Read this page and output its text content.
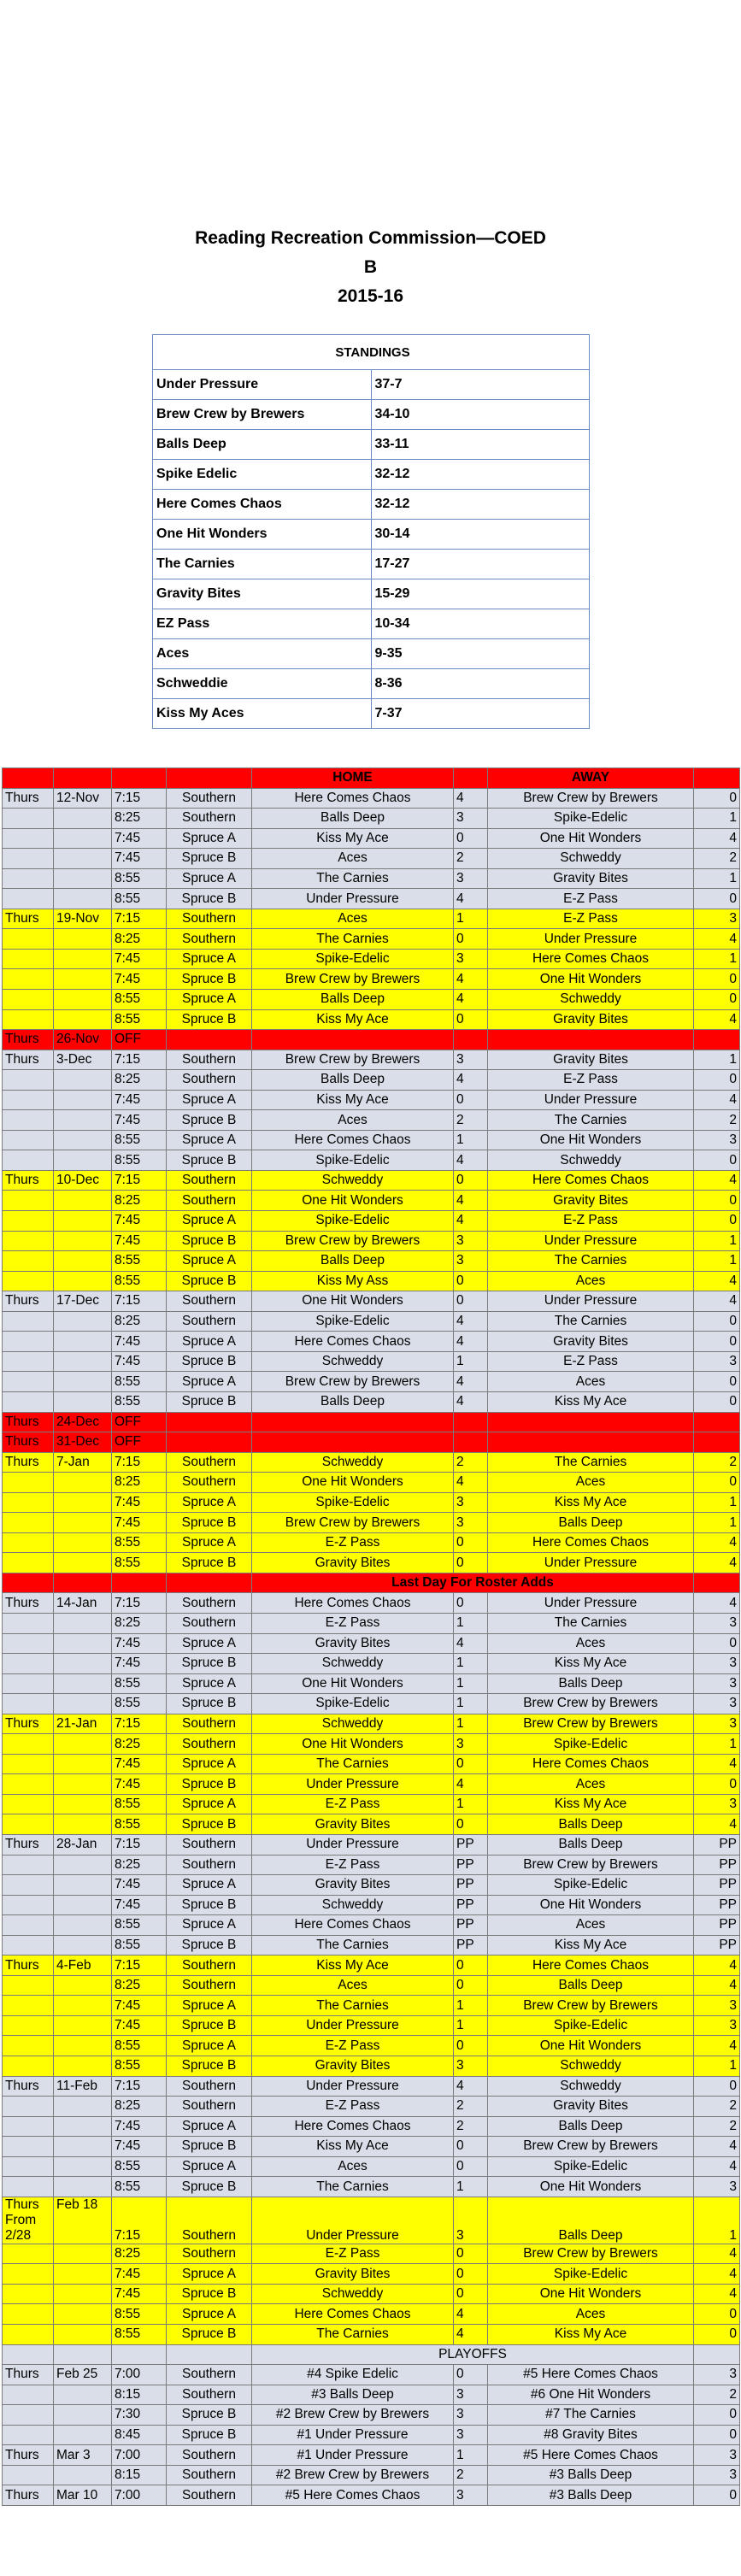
Reading Recreation Commission—COED
B
2015-16
STANDINGS	
Under Pressure	37-7
Brew Crew by Brewers	34-10
Balls Deep	33-11
Spike Edelic	32-12
Here Comes Chaos	32-12
One Hit Wonders	30-14
The Carnies	17-27
Gravity Bites	15-29
EZ Pass	10-34
Aces	9-35
Schweddie	8-36
Kiss My Aces	7-37
				HOME		AWAY	
Thurs	12-Nov	7:15	Southern	Here Comes Chaos	4	Brew Crew by Brewers	0
		8:25	Southern	Balls Deep	3	Spike-Edelic	1
		7:45	Spruce A	Kiss My Ace	0	One Hit Wonders	4
		7:45	Spruce B	Aces	2	Schweddy	2
		8:55	Spruce A	The Carnies	3	Gravity Bites	1
		8:55	Spruce B	Under Pressure	4	E-Z Pass	0
Thurs	19-Nov	7:15	Southern	Aces	1	E-Z Pass	3
		8:25	Southern	The Carnies	0	Under Pressure	4
		7:45	Spruce A	Spike-Edelic	3	Here Comes Chaos	1
		7:45	Spruce B	Brew Crew by Brewers	4	One Hit Wonders	0
		8:55	Spruce A	Balls Deep	4	Schweddy	0
		8:55	Spruce B	Kiss My Ace	0	Gravity Bites	4
Thurs	26-Nov	OFF					
Thurs	3-Dec	7:15	Southern	Brew Crew by Brewers	3	Gravity Bites	1
		8:25	Southern	Balls Deep	4	E-Z Pass	0
		7:45	Spruce A	Kiss My Ace	0	Under Pressure	4
		7:45	Spruce B	Aces	2	The Carnies	2
		8:55	Spruce A	Here Comes Chaos	1	One Hit Wonders	3
		8:55	Spruce B	Spike-Edelic	4	Schweddy	0
Thurs	10-Dec	7:15	Southern	Schweddy	0	Here Comes Chaos	4
		8:25	Southern	One Hit Wonders	4	Gravity Bites	0
		7:45	Spruce A	Spike-Edelic	4	E-Z Pass	0
		7:45	Spruce B	Brew Crew by Brewers	3	Under Pressure	1
		8:55	Spruce A	Balls Deep	3	The Carnies	1
		8:55	Spruce B	Kiss My Ass	0	Aces	4
Thurs	17-Dec	7:15	Southern	One Hit Wonders	0	Under Pressure	4
		8:25	Southern	Spike-Edelic	4	The Carnies	0
		7:45	Spruce A	Here Comes Chaos	4	Gravity Bites	0
		7:45	Spruce B	Schweddy	1	E-Z Pass	3
		8:55	Spruce A	Brew Crew by Brewers	4	Aces	0
		8:55	Spruce B	Balls Deep	4	Kiss My Ace	0
Thurs	24-Dec	OFF					
Thurs	31-Dec	OFF					
Thurs	7-Jan	7:15	Southern	Schweddy	2	The Carnies	2
		8:25	Southern	One Hit Wonders	4	Aces	0
		7:45	Spruce A	Spike-Edelic	3	Kiss My Ace	1
		7:45	Spruce B	Brew Crew by Brewers	3	Balls Deep	1
		8:55	Spruce A	E-Z Pass	0	Here Comes Chaos	4
		8:55	Spruce B	Gravity Bites	0	Under Pressure	4
				Last Day For Roster Adds			
Thurs	14-Jan	7:15	Southern	Here Comes Chaos	0	Under Pressure	4
		8:25	Southern	E-Z Pass	1	The Carnies	3
		7:45	Spruce A	Gravity Bites	4	Aces	0
		7:45	Spruce B	Schweddy	1	Kiss My Ace	3
		8:55	Spruce A	One Hit Wonders	1	Balls Deep	3
		8:55	Spruce B	Spike-Edelic	1	Brew Crew by Brewers	3
Thurs	21-Jan	7:15	Southern	Schweddy	1	Brew Crew by Brewers	3
		8:25	Southern	One Hit Wonders	3	Spike-Edelic	1
		7:45	Spruce A	The Carnies	0	Here Comes Chaos	4
		7:45	Spruce B	Under Pressure	4	Aces	0
		8:55	Spruce A	E-Z Pass	1	Kiss My Ace	3
		8:55	Spruce B	Gravity Bites	0	Balls Deep	4
Thurs	28-Jan	7:15	Southern	Under Pressure	PP	Balls Deep	PP
		8:25	Southern	E-Z Pass	PP	Brew Crew by Brewers	PP
		7:45	Spruce A	Gravity Bites	PP	Spike-Edelic	PP
		7:45	Spruce B	Schweddy	PP	One Hit Wonders	PP
		8:55	Spruce A	Here Comes Chaos	PP	Aces	PP
		8:55	Spruce B	The Carnies	PP	Kiss My Ace	PP
Thurs	4-Feb	7:15	Southern	Kiss My Ace	0	Here Comes Chaos	4
		8:25	Southern	Aces	0	Balls Deep	4
		7:45	Spruce A	The Carnies	1	Brew Crew by Brewers	3
		7:45	Spruce B	Under Pressure	1	Spike-Edelic	3
		8:55	Spruce A	E-Z Pass	0	One Hit Wonders	4
		8:55	Spruce B	Gravity Bites	3	Schweddy	1
Thurs	11-Feb	7:15	Southern	Under Pressure	4	Schweddy	0
		8:25	Southern	E-Z Pass	2	Gravity Bites	2
		7:45	Spruce A	Here Comes Chaos	2	Balls Deep	2
		7:45	Spruce B	Kiss My Ace	0	Brew Crew by Brewers	4
		8:55	Spruce A	Aces	0	Spike-Edelic	4
		8:55	Spruce B	The Carnies	1	One Hit Wonders	3

Thurs
From 2/28	Feb 18	7:15	Southern	Under Pressure	3	Balls Deep	1
		8:25	Southern	E-Z Pass	0	Brew Crew by Brewers	4
		7:45	Spruce A	Gravity Bites	0	Spike-Edelic	4
		7:45	Spruce B	Schweddy	0	One Hit Wonders	4
		8:55	Spruce A	Here Comes Chaos	4	Aces	0
		8:55	Spruce B	The Carnies	4	Kiss My Ace	0
				PLAYOFFS			
Thurs	Feb 25	7:00	Southern	#4 Spike Edelic	0	#5 Here Comes Chaos	3
		8:15	Southern	#3 Balls Deep	3	#6 One Hit Wonders	2
		7:30	Spruce B	#2 Brew Crew by Brewers	3	#7 The Carnies	0
		8:45	Spruce B	#1 Under Pressure	3	#8 Gravity Bites	0
Thurs	Mar 3	7:00	Southern	#1 Under Pressure	1	#5 Here Comes Chaos	3
		8:15	Southern	#2 Brew Crew by Brewers	2	#3 Balls Deep	3
Thurs	Mar 10	7:00	Southern	#5 Here Comes Chaos	3	#3 Balls Deep	0
